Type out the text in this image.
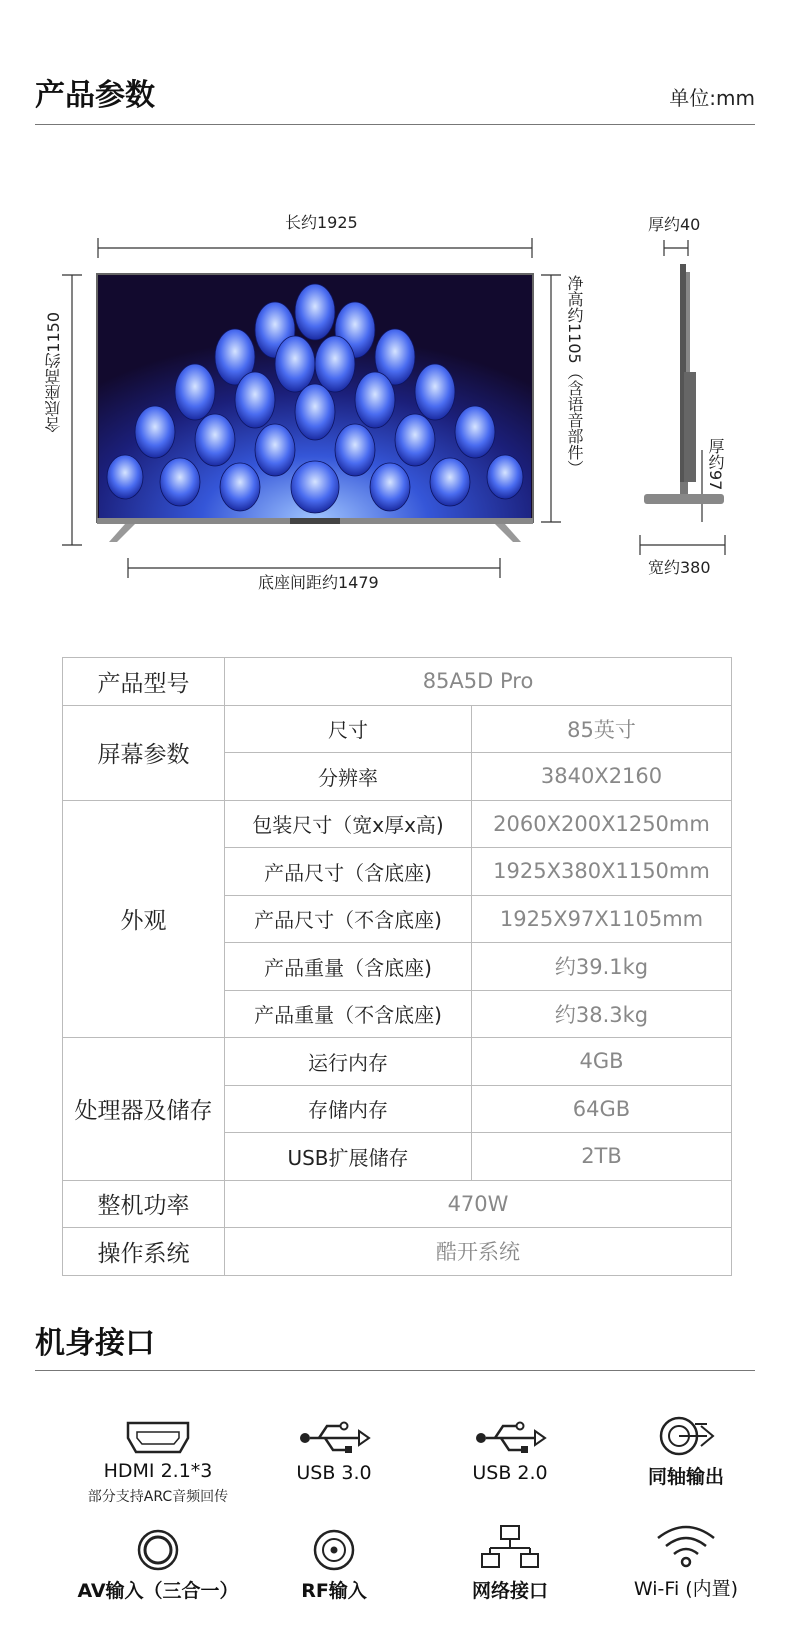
产品参数	单位:mm
长约1925
含底座高约1150	净高约1105（含语音部件）
底座间距约1479
厚约40
厚约97
宽约380
产品型号	85A5D Pro	
屏幕参数	尺寸	85英寸
	分辨率	3840X2160
外观	包装尺寸（宽x厚x高)	2060X200X1250mm
	产品尺寸（含底座)	1925X380X1150mm
	产品尺寸（不含底座)	1925X97X1105mm
	产品重量（含底座)	约39.1kg
	产品重量（不含底座)	约38.3kg
处理器及储存	运行内存	4GB
	存储内存	64GB
	USB扩展储存	2TB
整机功率	470W	
操作系统	酷开系统	
机身接口
HDMI 2.1*3
部分支持ARC音频回传
USB 3.0	USB 2.0	同轴输出
AV输入（三合一）	RF输入	网络接口	Wi-Fi (内置)
